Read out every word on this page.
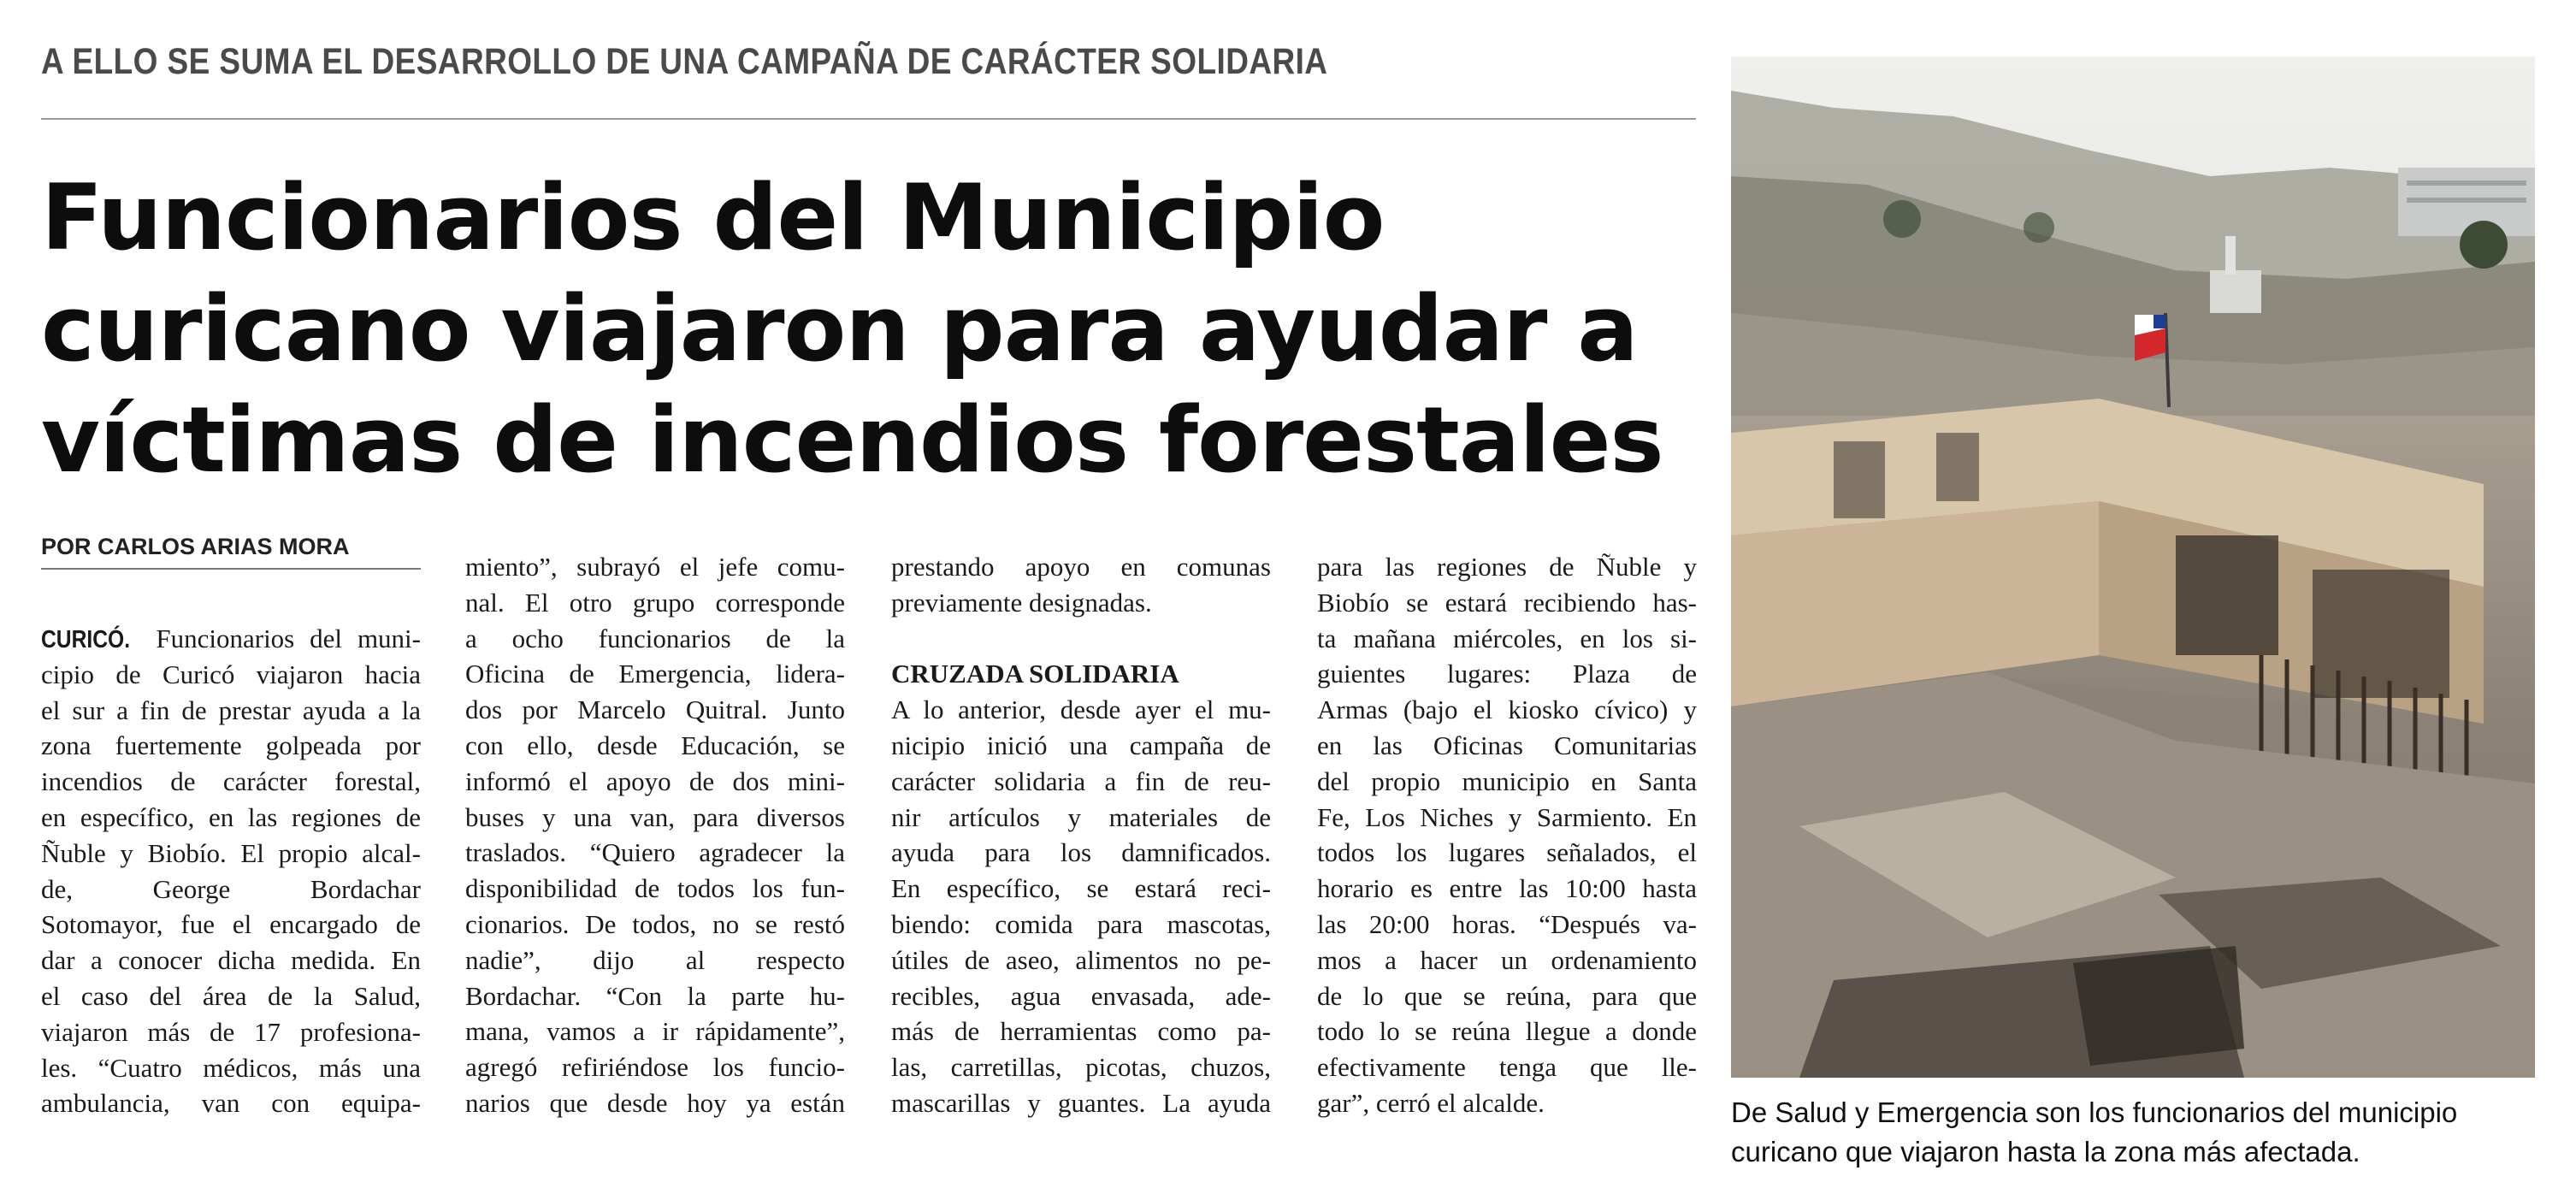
A ELLO SE SUMA EL DESARROLLO DE UNA CAMPAÑA DE CARÁCTER SOLIDARIA
Funcionarios del Municipio
curicano viajaron para ayudar a
víctimas de incendios forestales
POR CARLOS ARIAS MORA
CURICÓ. Funcionarios del muni-
cipio de Curicó viajaron hacia
el sur a fin de prestar ayuda a la
zona fuertemente golpeada por
incendios de carácter forestal,
en específico, en las regiones de
Ñuble y Biobío. El propio alcal-
de, George Bordachar
Sotomayor, fue el encargado de
dar a conocer dicha medida. En
el caso del área de la Salud,
viajaron más de 17 profesiona-
les. “Cuatro médicos, más una
ambulancia, van con equipa-
miento”, subrayó el jefe comu-
nal. El otro grupo corresponde
a ocho funcionarios de la
Oficina de Emergencia, lidera-
dos por Marcelo Quitral. Junto
con ello, desde Educación, se
informó el apoyo de dos mini-
buses y una van, para diversos
traslados. “Quiero agradecer la
disponibilidad de todos los fun-
cionarios. De todos, no se restó
nadie”, dijo al respecto
Bordachar. “Con la parte hu-
mana, vamos a ir rápidamente”,
agregó refiriéndose los funcio-
narios que desde hoy ya están
prestando apoyo en comunas
previamente designadas.
CRUZADA SOLIDARIA
A lo anterior, desde ayer el mu-
nicipio inició una campaña de
carácter solidaria a fin de reu-
nir artículos y materiales de
ayuda para los damnificados.
En específico, se estará reci-
biendo: comida para mascotas,
útiles de aseo, alimentos no pe-
recibles, agua envasada, ade-
más de herramientas como pa-
las, carretillas, picotas, chuzos,
mascarillas y guantes. La ayuda
para las regiones de Ñuble y
Biobío se estará recibiendo has-
ta mañana miércoles, en los si-
guientes lugares: Plaza de
Armas (bajo el kiosko cívico) y
en las Oficinas Comunitarias
del propio municipio en Santa
Fe, Los Niches y Sarmiento. En
todos los lugares señalados, el
horario es entre las 10:00 hasta
las 20:00 horas. “Después va-
mos a hacer un ordenamiento
de lo que se reúna, para que
todo lo se reúna llegue a donde
efectivamente tenga que lle-
gar”, cerró el alcalde.	De Salud y Emergencia son los funcionarios del municipio
curicano que viajaron hasta la zona más afectada.
